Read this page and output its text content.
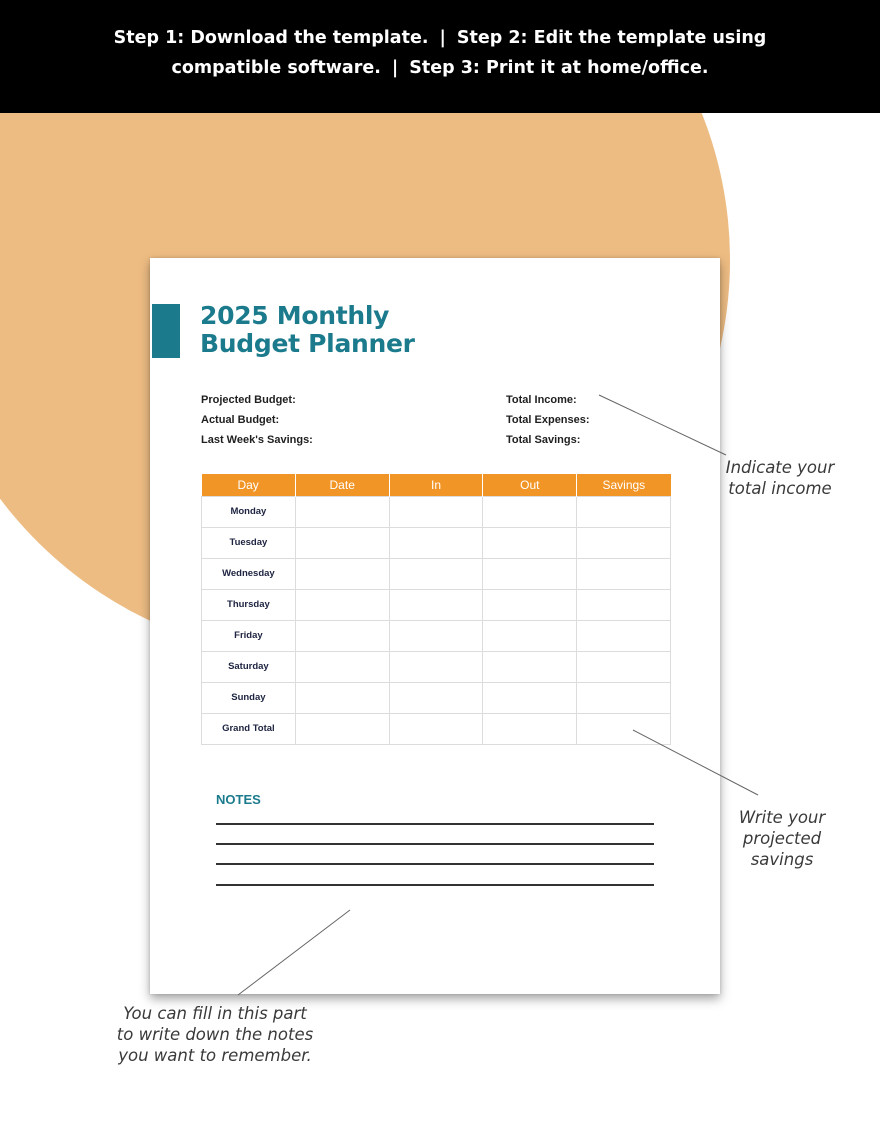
Step 1: Download the template. | Step 2: Edit the template using
compatible software. | Step 3: Print it at home/office.
2025 Monthly
Budget Planner
Projected Budget:
Actual Budget:
Last Week's Savings:
Total Income:
Total Expenses:
Total Savings:
Day	Date	In	Out	Savings
Monday				
Tuesday				
Wednesday				
Thursday				
Friday				
Saturday				
Sunday				
Grand Total				
NOTES
Indicate your
total income
Write your
projected
savings
You can fill in this part
to write down the notes
you want to remember.
